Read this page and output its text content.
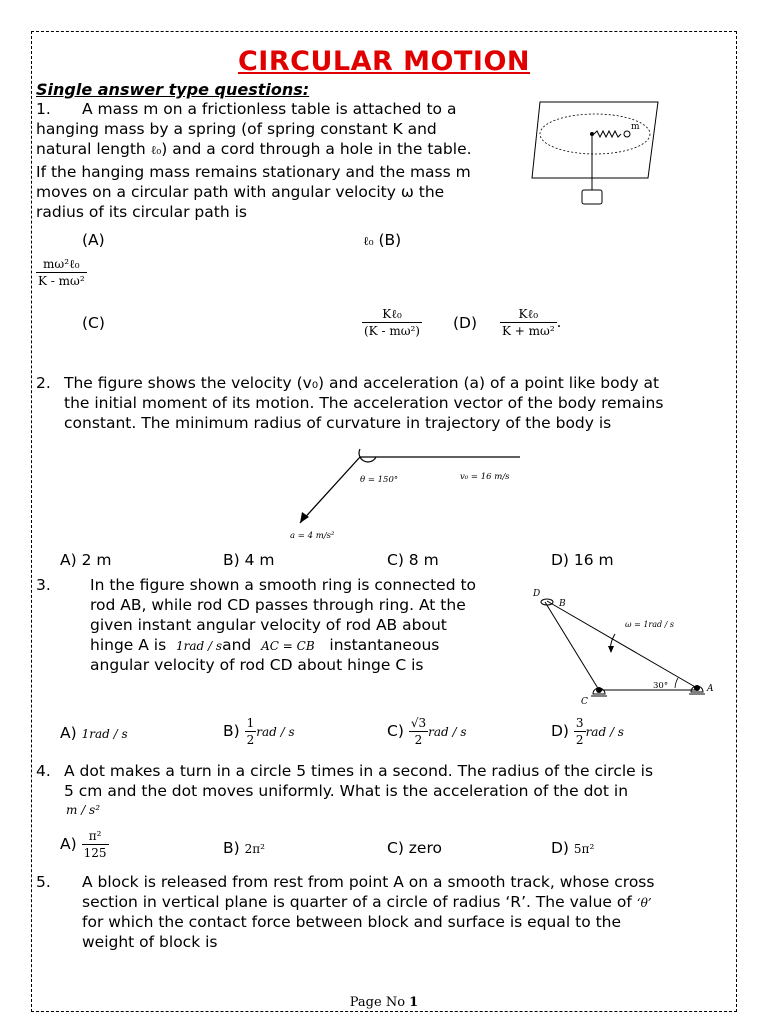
CIRCULAR MOTION
Single answer type questions:
1. A mass m on a frictionless table is attached to a
hanging mass by a spring (of spring constant K and
natural length ℓ₀) and a cord through a hole in the table.
If the hanging mass remains stationary and the mass m
moves on a circular path with angular velocity ω the
radius of its circular path is
m
(A)
$\frac{\text{mω²ℓ₀}}{\text{K - mω²}}$
ℓ₀ (B)
(C)	$\frac{\text{Kℓ₀}}{\text{(K - mω²)}} (D) \frac{\text{Kℓ₀}}{\text{K + mω²}}$ .
2. The figure shows the velocity (v₀) and acceleration (a) of a point like body at
the initial moment of its motion. The acceleration vector of the body remains
constant. The minimum radius of curvature in trajectory of the body is
θ = 150°	v₀ = 16 m/s
a = 4 m/s²
A) 2 m	B) 4 m	C) 8 m	D) 16 m
3.	In the figure shown a smooth ring is connected to
rod AB, while rod CD passes through ring. At the
given instant angular velocity of rod AB about
hinge A is 1rad / sand AC = CB instantaneous
angular velocity of rod CD about hinge C is
D
B
C
A
ω = 1rad / s
30°
A) 1rad / s	$B) \frac{1}{2}$ rad / s	$C) \frac{√3}{2}$ rad / s	$D) \frac{3}{2}$ rad / s
4. A dot makes a turn in a circle 5 times in a second. The radius of the circle is
5 cm and the dot moves uniformly. What is the acceleration of the dot in
m / s²
$A) \frac{\text{π²}}{125}$	B) 2π²	C) zero	D) 5π²
5. A block is released from rest from point A on a smooth track, whose cross
section in vertical plane is quarter of a circle of radius ‘R’. The value of ‘θ’
for which the contact force between block and surface is equal to the
weight of block is
Page No 1
